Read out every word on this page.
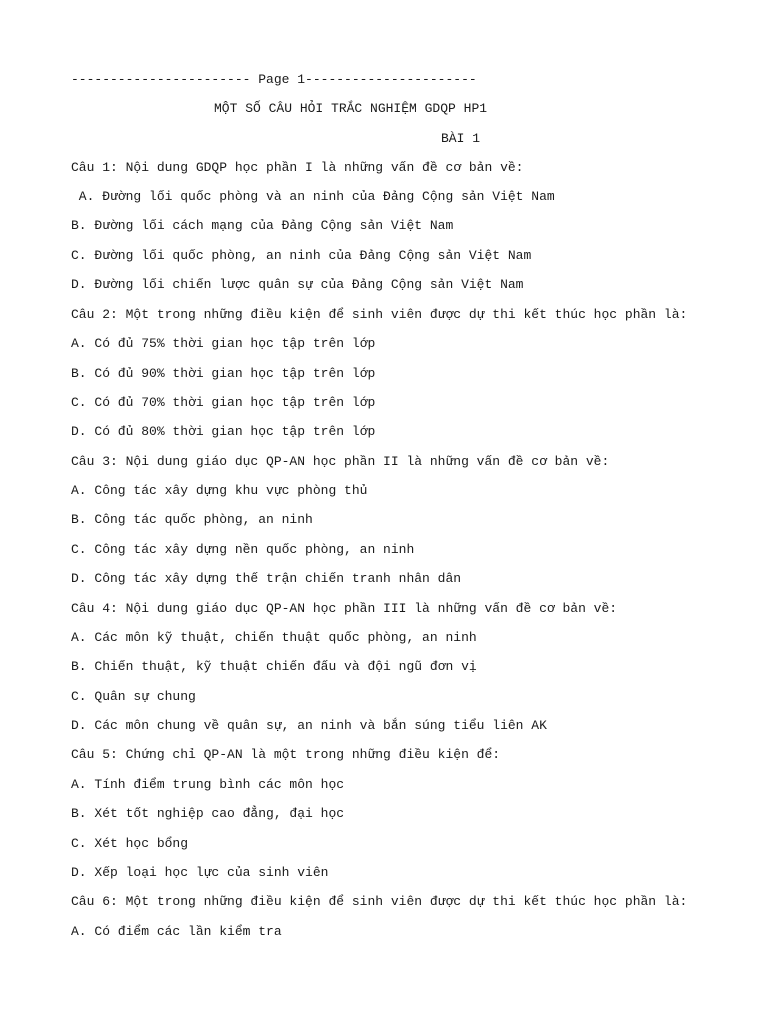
----------------------- Page 1----------------------
MỘT SỐ CÂU HỎI TRẮC NGHIỆM GDQP HP1
BÀI 1
Câu 1: Nội dung GDQP học phần I là những vấn đề cơ bản về:
A. Đường lối quốc phòng và an ninh của Đảng Cộng sản Việt Nam
B. Đường lối cách mạng của Đảng Cộng sản Việt Nam
C. Đường lối quốc phòng, an ninh của Đảng Cộng sản Việt Nam
D. Đường lối chiến lược quân sự của Đảng Cộng sản Việt Nam
Câu 2: Một trong những điều kiện để sinh viên được dự thi kết thúc học phần là:
A. Có đủ 75% thời gian học tập trên lớp
B. Có đủ 90% thời gian học tập trên lớp
C. Có đủ 70% thời gian học tập trên lớp
D. Có đủ 80% thời gian học tập trên lớp
Câu 3: Nội dung giáo dục QP-AN học phần II là những vấn đề cơ bản về:
A. Công tác xây dựng khu vực phòng thủ
B. Công tác quốc phòng, an ninh
C. Công tác xây dựng nền quốc phòng, an ninh
D. Công tác xây dựng thế trận chiến tranh nhân dân
Câu 4: Nội dung giáo dục QP-AN học phần III là những vấn đề cơ bản về:
A. Các môn kỹ thuật, chiến thuật quốc phòng, an ninh
B. Chiến thuật, kỹ thuật chiến đấu và đội ngũ đơn vị
C. Quân sự chung
D. Các môn chung về quân sự, an ninh và bắn súng tiểu liên AK
Câu 5: Chứng chỉ QP-AN là một trong những điều kiện để:
A. Tính điểm trung bình các môn học
B. Xét tốt nghiệp cao đẳng, đại học
C. Xét học bổng
D. Xếp loại học lực của sinh viên
Câu 6: Một trong những điều kiện để sinh viên được dự thi kết thúc học phần là:
A. Có điểm các lần kiểm tra
